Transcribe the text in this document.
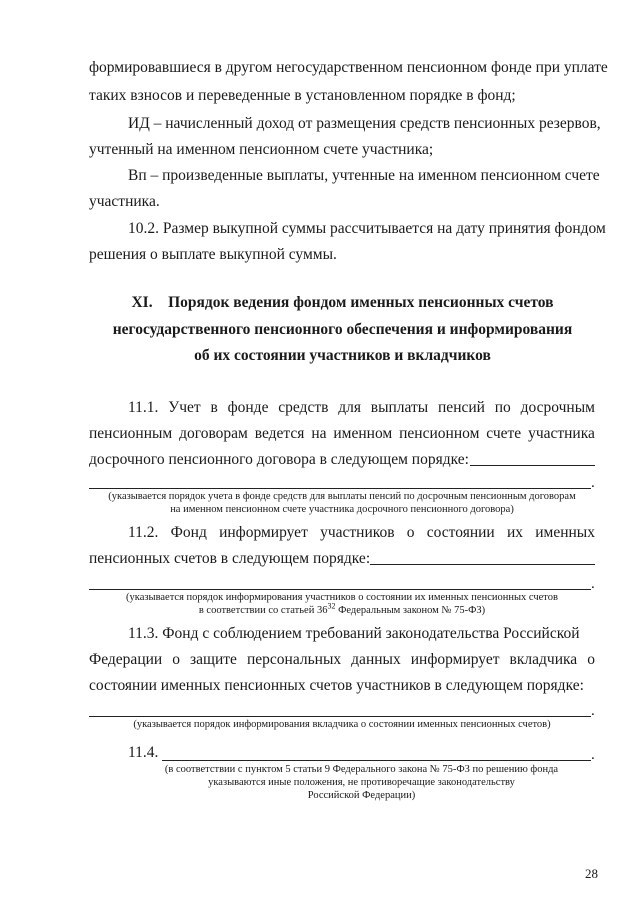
формировавшиеся в другом негосударственном пенсионном фонде при уплате
таких взносов и переведенные в установленном порядке в фонд;
ИД – начисленный доход от размещения средств пенсионных резервов,
учтенный на именном пенсионном счете участника;
Вп – произведенные выплаты, учтенные на именном пенсионном счете
участника.
10.2. Размер выкупной суммы рассчитывается на дату принятия фондом
решения о выплате выкупной суммы.
XI. Порядок ведения фондом именных пенсионных счетов
негосударственного пенсионного обеспечения и информирования
об их состоянии участников и вкладчиков
11.1. Учет в фонде средств для выплаты пенсий по досрочным
пенсионным договорам ведется на именном пенсионном счете участника
досрочного пенсионного договора в следующем порядке:
.
(указывается порядок учета в фонде средств для выплаты пенсий по досрочным пенсионным договорам
на именном пенсионном счете участника досрочного пенсионного договора)
11.2. Фонд информирует участников о состоянии их именных
пенсионных счетов в следующем порядке:
.
(указывается порядок информирования участников о состоянии их именных пенсионных счетов
в соответствии со статьей $36^{32}$ Федеральным законом № 75-ФЗ)
11.3. Фонд с соблюдением требований законодательства Российской
Федерации о защите персональных данных информирует вкладчика о
состоянии именных пенсионных счетов участников в следующем порядке:
.
(указывается порядок информирования вкладчика о состоянии именных пенсионных счетов)
11.4.	.
(в соответствии с пунктом 5 статьи 9 Федерального закона № 75-ФЗ по решению фонда
указываются иные положения, не противоречащие законодательству
Российской Федерации)
28
